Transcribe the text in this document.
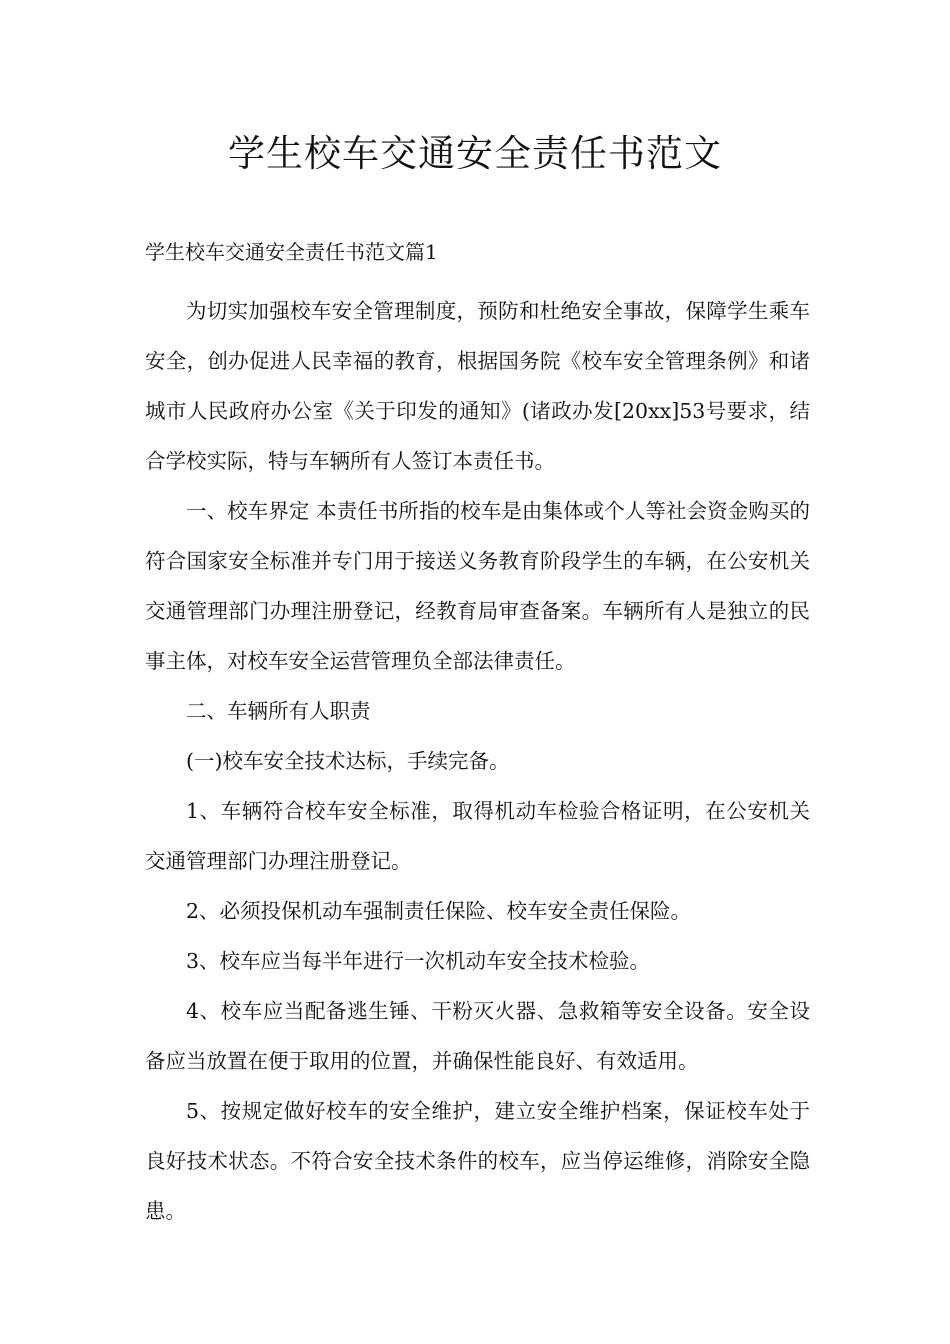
学生校车交通安全责任书范文
学生校车交通安全责任书范文篇1

为切实加强校车安全管理制度，预防和杜绝安全事故，保障学生乘车安全，创办促进人民幸福的教育，根据国务院《校车安全管理条例》和诸城市人民政府办公室《关于印发的通知》(诸政办发[20xx]53号要求，结合学校实际，特与车辆所有人签订本责任书。

一、校车界定 本责任书所指的校车是由集体或个人等社会资金购买的符合国家安全标准并专门用于接送义务教育阶段学生的车辆，在公安机关交通管理部门办理注册登记，经教育局审查备案。车辆所有人是独立的民事主体，对校车安全运营管理负全部法律责任。

二、车辆所有人职责

(一)校车安全技术达标，手续完备。

1、车辆符合校车安全标准，取得机动车检验合格证明，在公安机关交通管理部门办理注册登记。

2、必须投保机动车强制责任保险、校车安全责任保险。

3、校车应当每半年进行一次机动车安全技术检验。

4、校车应当配备逃生锤、干粉灭火器、急救箱等安全设备。安全设备应当放置在便于取用的位置，并确保性能良好、有效适用。

5、按规定做好校车的安全维护，建立安全维护档案，保证校车处于良好技术状态。不符合安全技术条件的校车，应当停运维修，消除安全隐患。
